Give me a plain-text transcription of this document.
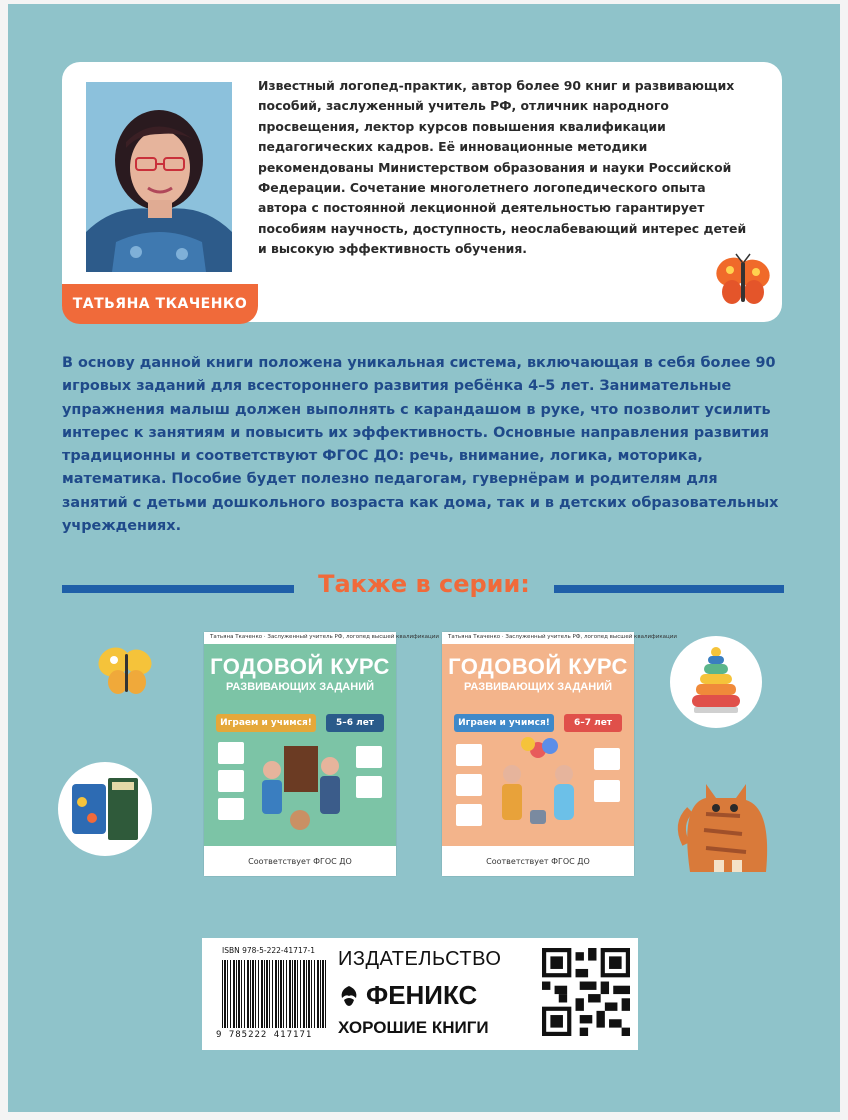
Известный логопед-практик, автор более 90 книг и развивающих пособий, заслуженный учитель РФ, отличник народного просвещения, лектор курсов повышения квалификации педагогических кадров. Её инновационные методики рекомендованы Министерством образования и науки Российской Федерации. Сочетание многолетнего логопедического опыта автора с постоянной лекционной деятельностью гарантирует пособиям научность, доступность, неослабевающий интерес детей и высокую эффективность обучения.
ТАТЬЯНА ТКАЧЕНКО
В основу данной книги положена уникальная система, включающая в себя более 90 игровых заданий для всестороннего развития ребёнка 4–5 лет. Занимательные упражнения малыш должен выполнять с карандашом в руке, что позволит усилить интерес к занятиям и повысить их эффективность. Основные направления развития традиционны и соответствуют ФГОС ДО: речь, внимание, логика, моторика, математика. Пособие будет полезно педагогам, гувернёрам и родителям для занятий с детьми дошкольного возраста как дома, так и в детских образовательных учреждениях.
Также в серии:
Татьяна Ткаченко · Заслуженный учитель РФ, логопед высшей квалификации
ГОДОВОЙ КУРС
РАЗВИВАЮЩИХ ЗАДАНИЙ
Играем и учимся!	5–6 лет
Соответствует ФГОС ДО
Татьяна Ткаченко · Заслуженный учитель РФ, логопед высшей квалификации
ГОДОВОЙ КУРС
РАЗВИВАЮЩИХ ЗАДАНИЙ
Играем и учимся!	6–7 лет
Соответствует ФГОС ДО
ISBN 978-5-222-41717-1
9 785222 417171
ИЗДАТЕЛЬСТВО
ФЕНИКС
ХОРОШИЕ КНИГИ
